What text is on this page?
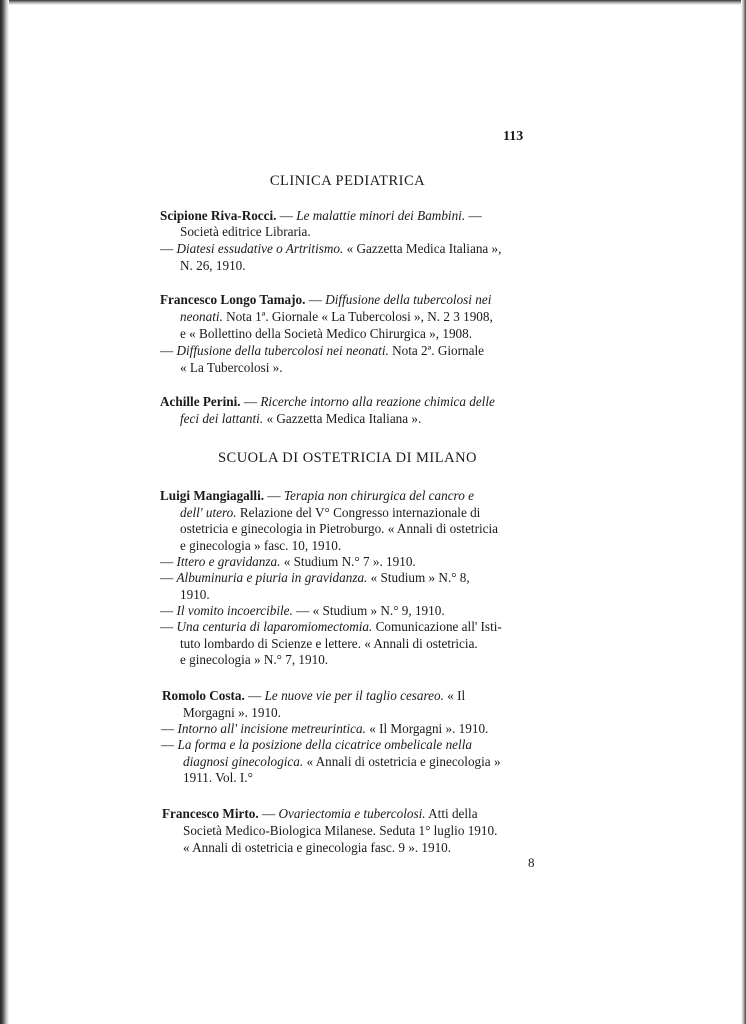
113
CLINICA PEDIATRICA
Scipione Riva-Rocci. — Le malattie minori dei Bambini. —
Società editrice Libraria.
— Diatesi essudative o Artritismo. « Gazzetta Medica Italiana »,
N. 26, 1910.
Francesco Longo Tamajo. — Diffusione della tubercolosi nei
neonati. Nota 1ª. Giornale « La Tubercolosi », N. 2 3 1908,
e « Bollettino della Società Medico Chirurgica », 1908.
— Diffusione della tubercolosi nei neonati. Nota 2ª. Giornale
« La Tubercolosi ».
Achille Perini. — Ricerche intorno alla reazione chimica delle
feci dei lattanti. « Gazzetta Medica Italiana ».
SCUOLA DI OSTETRICIA DI MILANO
Luigi Mangiagalli. — Terapia non chirurgica del cancro e
dell' utero. Relazione del V° Congresso internazionale di
ostetricia e ginecologia in Pietroburgo. « Annali di ostetricia
e ginecologia » fasc. 10, 1910.
— Ittero e gravidanza. « Studium N.° 7 ». 1910.
— Albuminuria e piuria in gravidanza. « Studium » N.° 8,
1910.
— Il vomito incoercibile. — « Studium » N.° 9, 1910.
— Una centuria di laparomiomectomia. Comunicazione all' Isti-
tuto lombardo di Scienze e lettere. « Annali di ostetricia.
e ginecologia » N.° 7, 1910.
Romolo Costa. — Le nuove vie per il taglio cesareo. « Il
Morgagni ». 1910.
— Intorno all' incisione metreurintica. « Il Morgagni ». 1910.
— La forma e la posizione della cicatrice ombelicale nella
diagnosi ginecologica. « Annali di ostetricia e ginecologia »
1911. Vol. I.°
Francesco Mirto. — Ovariectomia e tubercolosi. Atti della
Società Medico-Biologica Milanese. Seduta 1° luglio 1910.
« Annali di ostetricia e ginecologia fasc. 9 ». 1910.
8
